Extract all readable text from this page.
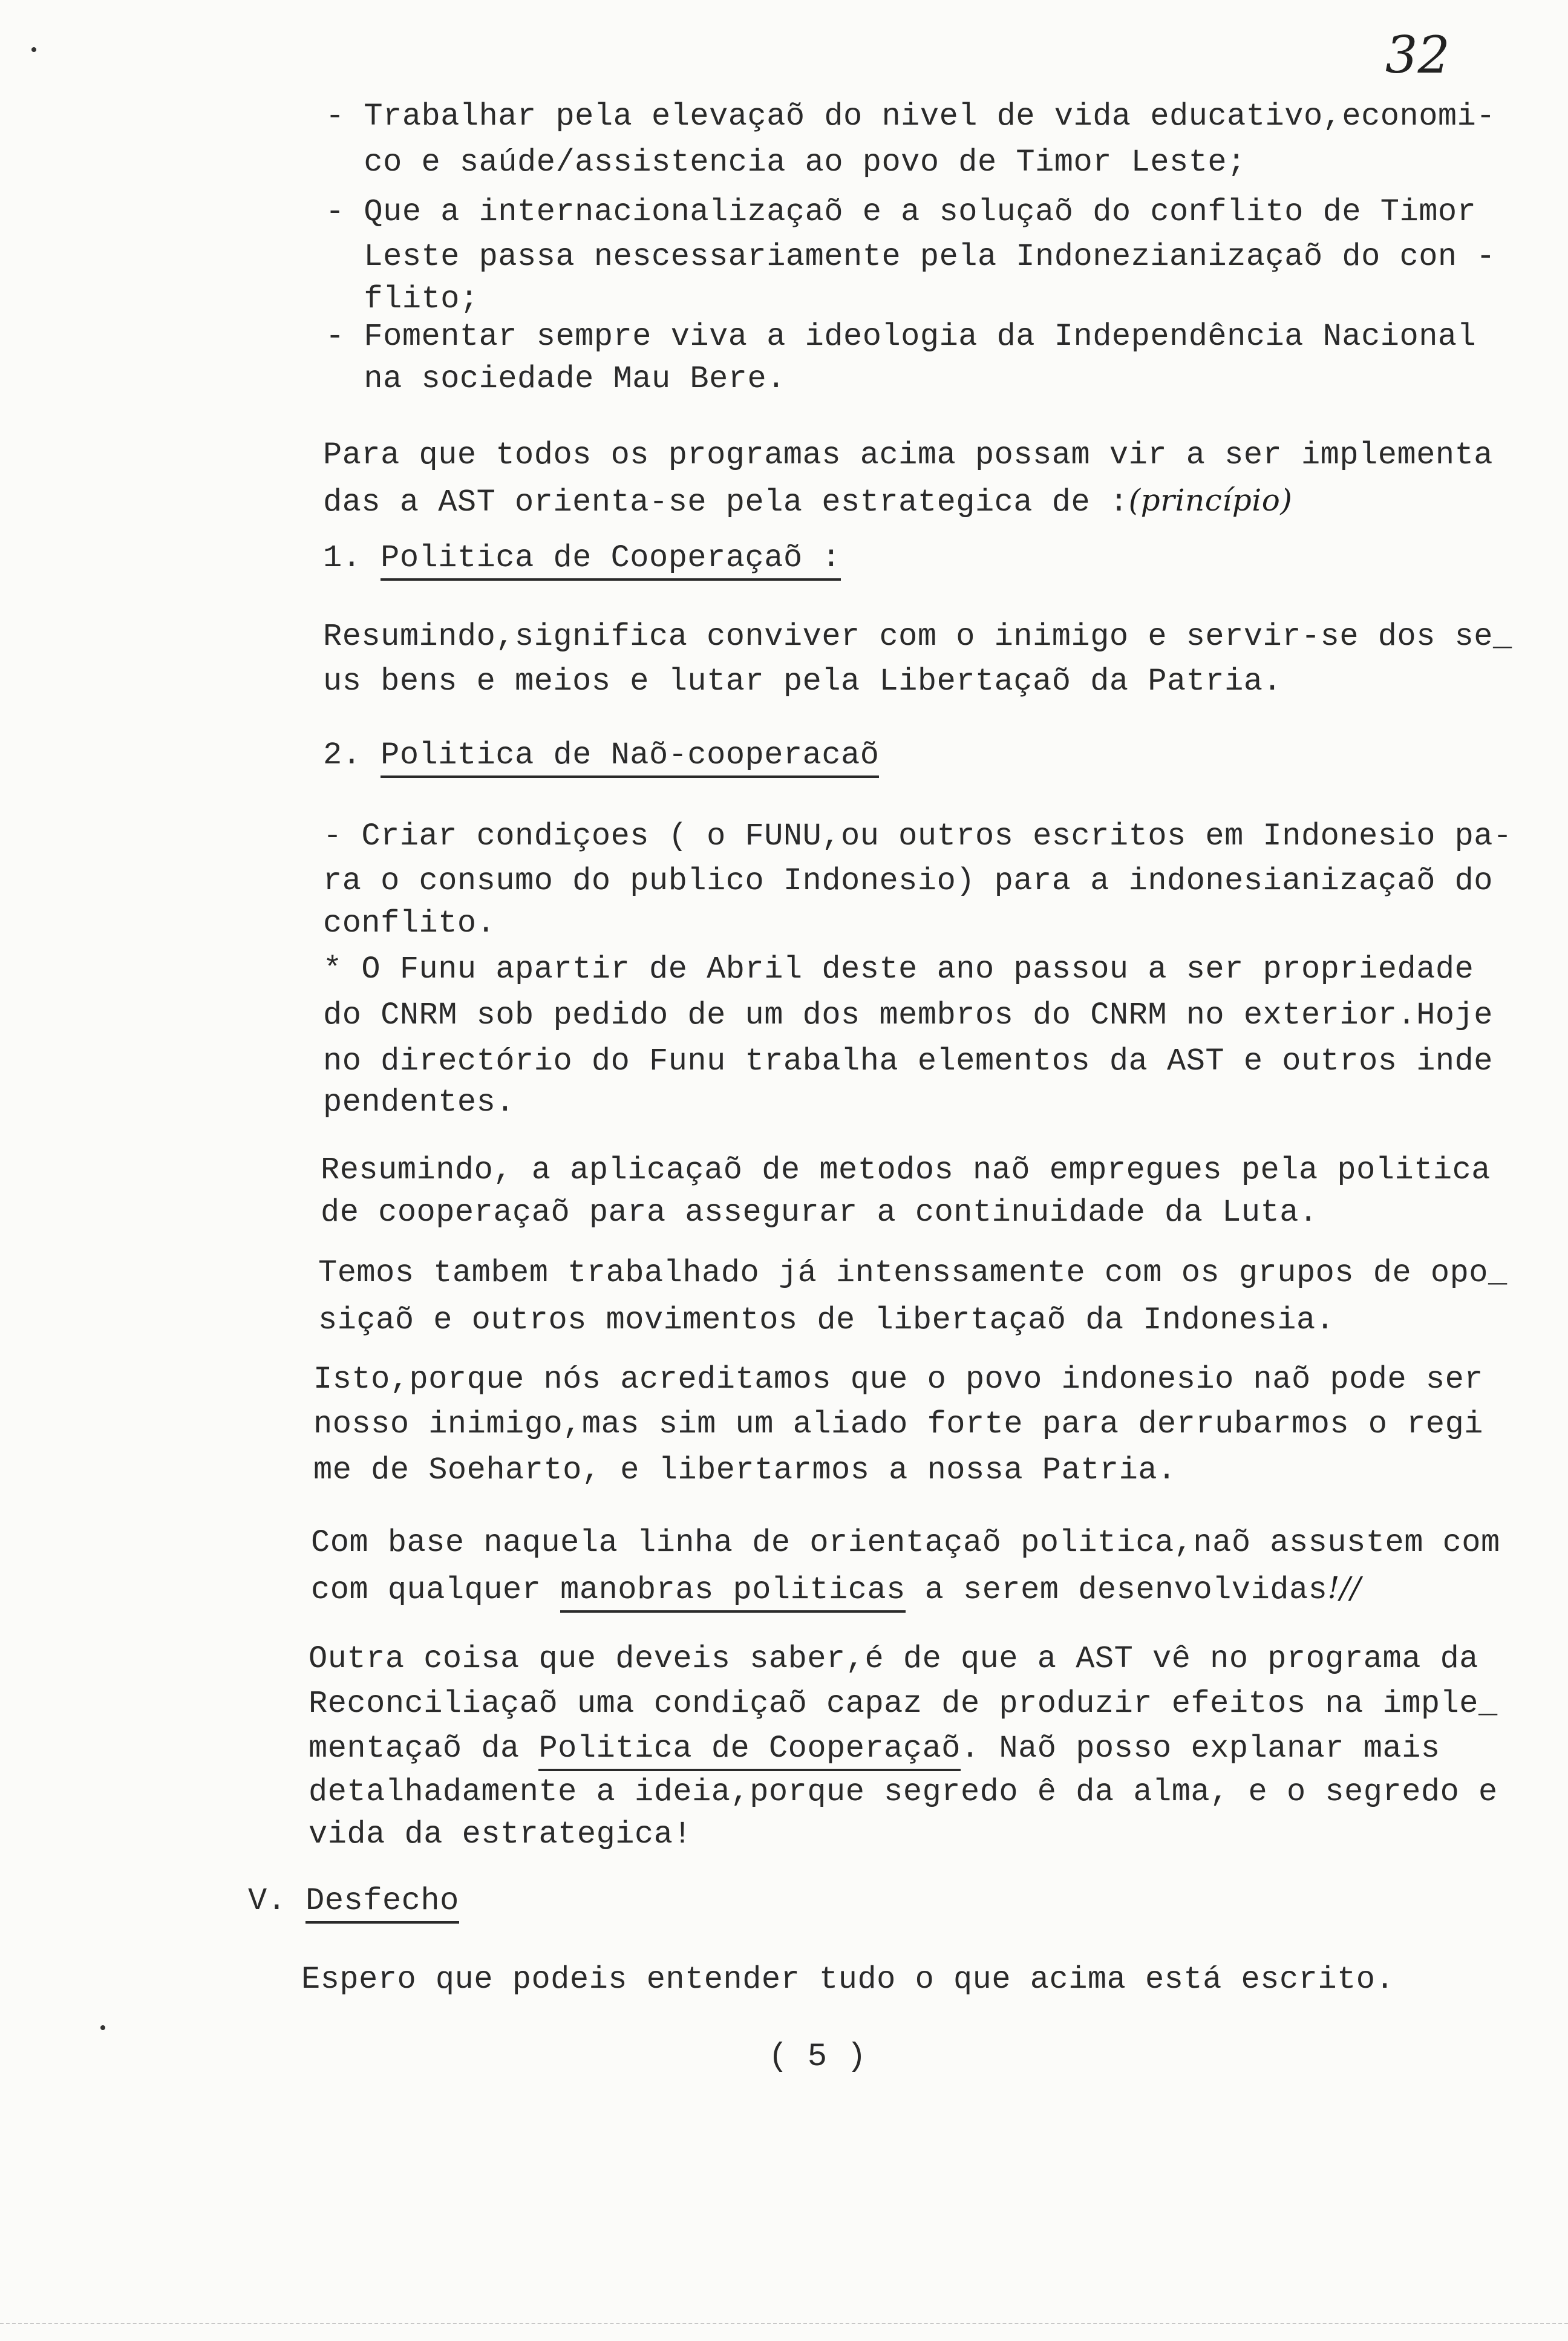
32
- Trabalhar pela elevaçaõ do nivel de vida educativo,economi-
co e saúde/assistencia ao povo de Timor Leste;
- Que a internacionalizaçaõ e a soluçaõ do conflito de Timor
Leste passa nescessariamente pela Indonezianizaçaõ do con -
flito;
- Fomentar sempre viva a ideologia da Independência Nacional
na sociedade Mau Bere.
Para que todos os programas acima possam vir a ser implementa
das a AST orienta-se pela estrategica de :(princípio)
1. Politica de Cooperaçaõ :
Resumindo,significa conviver com o inimigo e servir-se dos se_
us bens e meios e lutar pela Libertaçaõ da Patria.
2. Politica de Naõ-cooperacaõ
- Criar condiçoes ( o FUNU,ou outros escritos em Indonesio pa-
ra o consumo do publico Indonesio) para a indonesianizaçaõ do
conflito.
* O Funu apartir de Abril deste ano passou a ser propriedade
do CNRM sob pedido de um dos membros do CNRM no exterior.Hoje
no directório do Funu trabalha elementos da AST e outros inde
pendentes.
Resumindo, a aplicaçaõ de metodos naõ empregues pela politica
de cooperaçaõ para assegurar a continuidade da Luta.
Temos tambem trabalhado já intenssamente com os grupos de opo_
siçaõ e outros movimentos de libertaçaõ da Indonesia.
Isto,porque nós acreditamos que o povo indonesio naõ pode ser
nosso inimigo,mas sim um aliado forte para derrubarmos o regi
me de Soeharto, e libertarmos a nossa Patria.
Com base naquela linha de orientaçaõ politica,naõ assustem com
com qualquer manobras politicas a serem desenvolvidas!//
Outra coisa que deveis saber,é de que a AST vê no programa da
Reconciliaçaõ uma condiçaõ capaz de produzir efeitos na imple_
mentaçaõ da Politica de Cooperaçaõ. Naõ posso explanar mais
detalhadamente a ideia,porque segredo ê da alma, e o segredo e
vida da estrategica!
V. Desfecho
Espero que podeis entender tudo o que acima está escrito.
( 5 )
